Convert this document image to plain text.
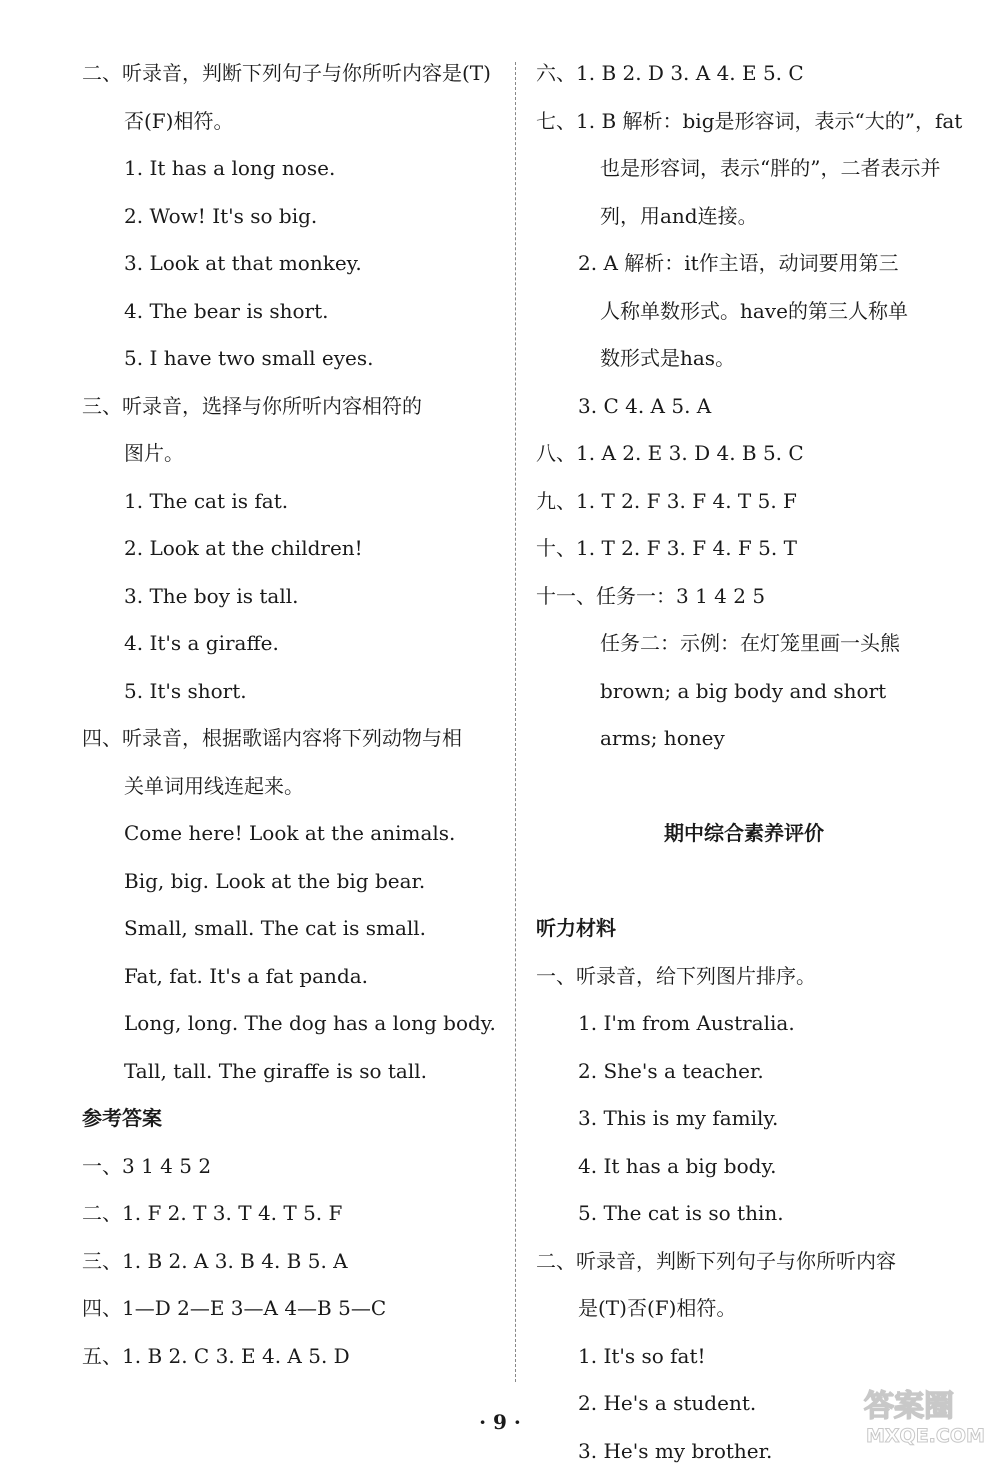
二、听录音，判断下列句子与你所听内容是(T)
否(F)相符。
1. It has a long nose.
2. Wow! It's so big.
3. Look at that monkey.
4. The bear is short.
5. I have two small eyes.
三、听录音，选择与你所听内容相符的
图片。
1. The cat is fat.
2. Look at the children!
3. The boy is tall.
4. It's a giraffe.
5. It's short.
四、听录音，根据歌谣内容将下列动物与相
关单词用线连起来。
Come here! Look at the animals.
Big, big. Look at the big bear.
Small, small. The cat is small.
Fat, fat. It's a fat panda.
Long, long. The dog has a long body.
Tall, tall. The giraffe is so tall.
参考答案
一、3 1 4 5 2
二、1. F 2. T 3. T 4. T 5. F
三、1. B 2. A 3. B 4. B 5. A
四、1—D 2—E 3—A 4—B 5—C
五、1. B 2. C 3. E 4. A 5. D
六、1. B 2. D 3. A 4. E 5. C
七、1. B 解析：big是形容词，表示“大的”，fat
也是形容词，表示“胖的”，二者表示并
列，用and连接。
2. A 解析：it作主语，动词要用第三
人称单数形式。have的第三人称单
数形式是has。
3. C 4. A 5. A
八、1. A 2. E 3. D 4. B 5. C
九、1. T 2. F 3. F 4. T 5. F
十、1. T 2. F 3. F 4. F 5. T
十一、任务一：3 1 4 2 5
任务二：示例：在灯笼里画一头熊
brown; a big body and short
arms; honey
期中综合素养评价
听力材料
一、听录音，给下列图片排序。
1. I'm from Australia.
2. She's a teacher.
3. This is my family.
4. It has a big body.
5. The cat is so thin.
二、听录音，判断下列句子与你所听内容
是(T)否(F)相符。
1. It's so fat!
2. He's a student.
3. He's my brother.
· 9 ·	答案圈
MXQE.COM
